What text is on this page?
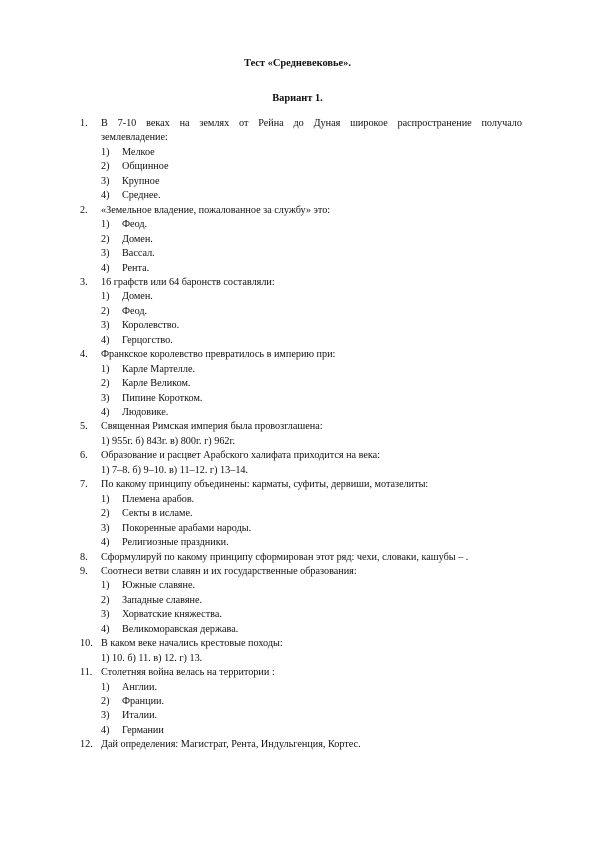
Тест «Средневековье».
Вариант 1.
1. В 7-10 веках на землях от Рейна до Дуная широкое распространение получало
землевладение:
1) Мелкое
2) Общинное
3) Крупное
4) Среднее.
2. «Земельное владение, пожалованное за службу» это:
1) Феод.
2) Домен.
3) Вассал.
4) Рента.
3. 16 графств или 64 баронств составляли:
1) Домен.
2) Феод.
3) Королевство.
4) Герцогство.
4. Франкское королевство превратилось в империю при:
1) Карле Мартелле.
2) Карле Великом.
3) Пипине Коротком.
4) Людовике.
5. Священная Римская империя была провозглашена:
1) 955г. б) 843г. в) 800г. г) 962г.
6. Образование и расцвет Арабского халифата приходится на века:
1) 7–8. б) 9–10. в) 11–12. г) 13–14.
7. По какому принципу объединены: карматы, суфиты, дервиши, мотазелиты:
1) Племена арабов.
2) Секты в исламе.
3) Покоренные арабами народы.
4) Религиозные праздники.
8. Сформулируй по какому принципу сформирован этот ряд: чехи, словаки, кашубы – .
9. Соотнеси ветви славян и их государственные образования:
1) Южные славяне.
2) Западные славяне.
3) Хорватские княжества.
4) Великоморавская держава.
10. В каком веке начались крестовые походы:
1) 10. б) 11. в) 12. г) 13.
11. Столетняя война велась на территории :
1) Англии.
2) Франции.
3) Италии.
4) Германии
12. Дай определения: Магистрат, Рента, Индульгенция, Кортес.
